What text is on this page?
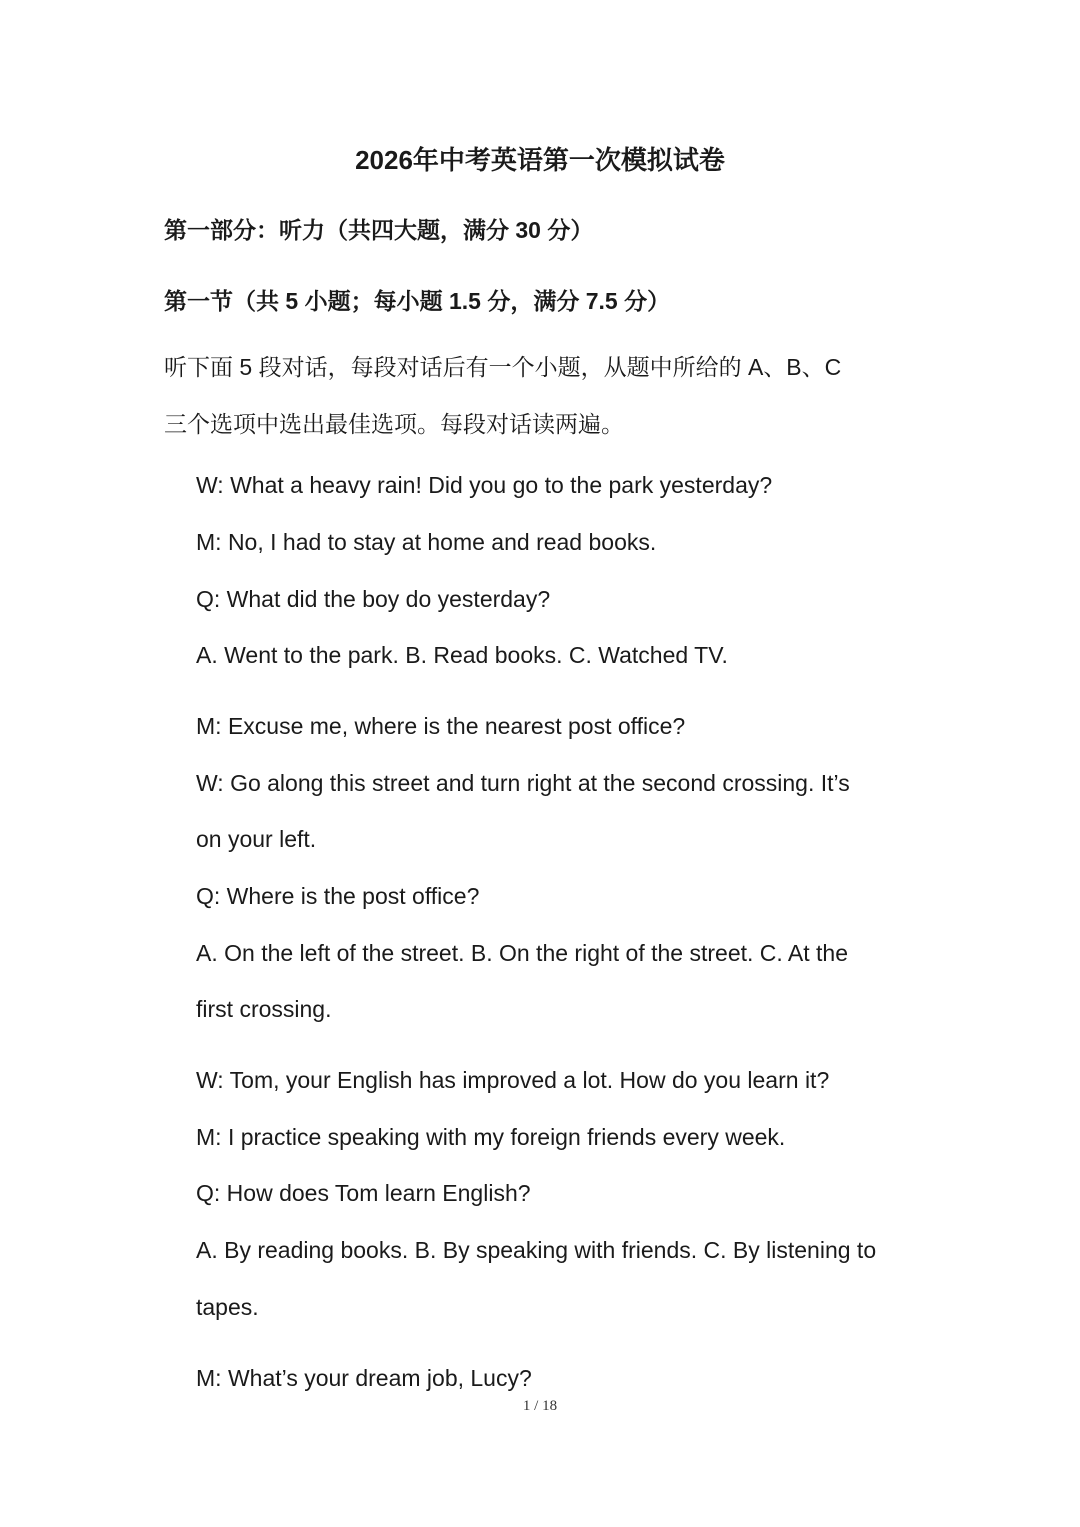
2026年中考英语第一次模拟试卷
第一部分：听力（共四大题，满分 30 分）
第一节（共 5 小题；每小题 1.5 分，满分 7.5 分）
听下面 5 段对话，每段对话后有一个小题，从题中所给的 A、B、C
三个选项中选出最佳选项。每段对话读两遍。
W: What a heavy rain! Did you go to the park yesterday?
M: No, I had to stay at home and read books.
Q: What did the boy do yesterday?
A. Went to the park. B. Read books. C. Watched TV.
M: Excuse me, where is the nearest post office?
W: Go along this street and turn right at the second crossing. It’s
on your left.
Q: Where is the post office?
A. On the left of the street. B. On the right of the street. C. At the
first crossing.
W: Tom, your English has improved a lot. How do you learn it?
M: I practice speaking with my foreign friends every week.
Q: How does Tom learn English?
A. By reading books. B. By speaking with friends. C. By listening to
tapes.
M: What’s your dream job, Lucy?
1 / 18
